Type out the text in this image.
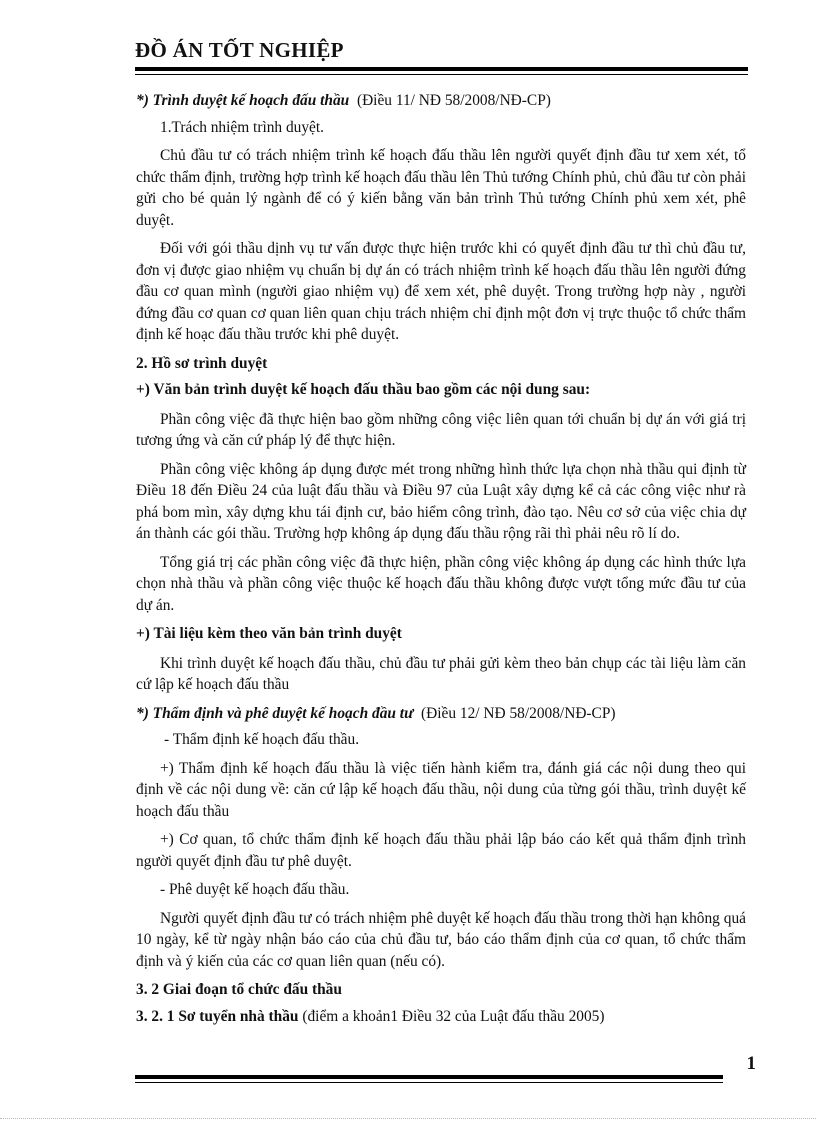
ĐỒ ÁN TỐT NGHIỆP

*) Trình duyệt kế hoạch đấu thầu (Điều 11/ NĐ 58/2008/NĐ-CP)

1.Trách nhiệm trình duyệt.

Chủ đầu tư có trách nhiệm trình kế hoạch đấu thầu lên người quyết định đầu tư xem xét, tổ chức thẩm định, trường hợp trình kế hoạch đấu thầu lên Thủ tướng Chính phủ, chủ đầu tư còn phải gửi cho bé quản lý ngành để có ý kiến bằng văn bản trình Thủ tướng Chính phủ xem xét, phê duyệt.

Đối với gói thầu dịnh vụ tư vấn được thực hiện trước khi có quyết định đầu tư thì chủ đầu tư, đơn vị được giao nhiệm vụ chuẩn bị dự án có trách nhiệm trình kế hoạch đấu thầu lên người đứng đầu cơ quan mình (người giao nhiệm vụ) để xem xét, phê duyệt. Trong trường hợp này , người đứng đầu cơ quan cơ quan liên quan chịu trách nhiệm chỉ định một đơn vị trực thuộc tổ chức thẩm định kế hoạc đấu thầu trước khi phê duyệt.

2. Hồ sơ trình duyệt

+) Văn bản trình duyệt kế hoạch đấu thầu bao gồm các nội dung sau:

Phần công việc đã thực hiện bao gồm những công việc liên quan tới chuẩn bị dự án với giá trị tương ứng và căn cứ pháp lý để thực hiện.

Phần công việc không áp dụng được mét trong những hình thức lựa chọn nhà thầu qui định từ Điều 18 đến Điều 24 của luật đấu thầu và Điều 97 của Luật xây dựng kể cả các công việc như rà phá bom mìn, xây dựng khu tái định cư, bảo hiểm công trình, đào tạo. Nêu cơ sở của việc chia dự án thành các gói thầu. Trường hợp không áp dụng đấu thầu rộng rãi thì phải nêu rõ lí do.

Tổng giá trị các phần công việc đã thực hiện, phần công việc không áp dụng các hình thức lựa chọn nhà thầu và phần công việc thuộc kế hoạch đấu thầu không được vượt tổng mức đầu tư của dự án.

+) Tài liệu kèm theo văn bản trình duyệt

Khi trình duyệt kế hoạch đấu thầu, chủ đầu tư phải gửi kèm theo bản chụp các tài liệu làm căn cứ lập kế hoạch đấu thầu

*) Thẩm định và phê duyệt kế hoạch đầu tư (Điều 12/ NĐ 58/2008/NĐ-CP)

- Thẩm định kế hoạch đấu thầu.

+) Thẩm định kế hoạch đấu thầu là việc tiến hành kiểm tra, đánh giá các nội dung theo qui định về các nội dung về: căn cứ lập kế hoạch đấu thầu, nội dung của từng gói thầu, trình duyệt kế hoạch đấu thầu

+) Cơ quan, tổ chức thẩm định kế hoạch đấu thầu phải lập báo cáo kết quả thẩm định trình người quyết định đầu tư phê duyệt.

- Phê duyệt kế hoạch đấu thầu.

Người quyết định đầu tư có trách nhiệm phê duyệt kế hoạch đấu thầu trong thời hạn không quá 10 ngày, kể từ ngày nhận báo cáo của chủ đầu tư, báo cáo thẩm định của cơ quan, tổ chức thẩm định và ý kiến của các cơ quan liên quan (nếu có).

3. 2 Giai đoạn tổ chức đấu thầu

3. 2. 1 Sơ tuyển nhà thầu (điểm a khoản1 Điều 32 của Luật đấu thầu 2005)

1
